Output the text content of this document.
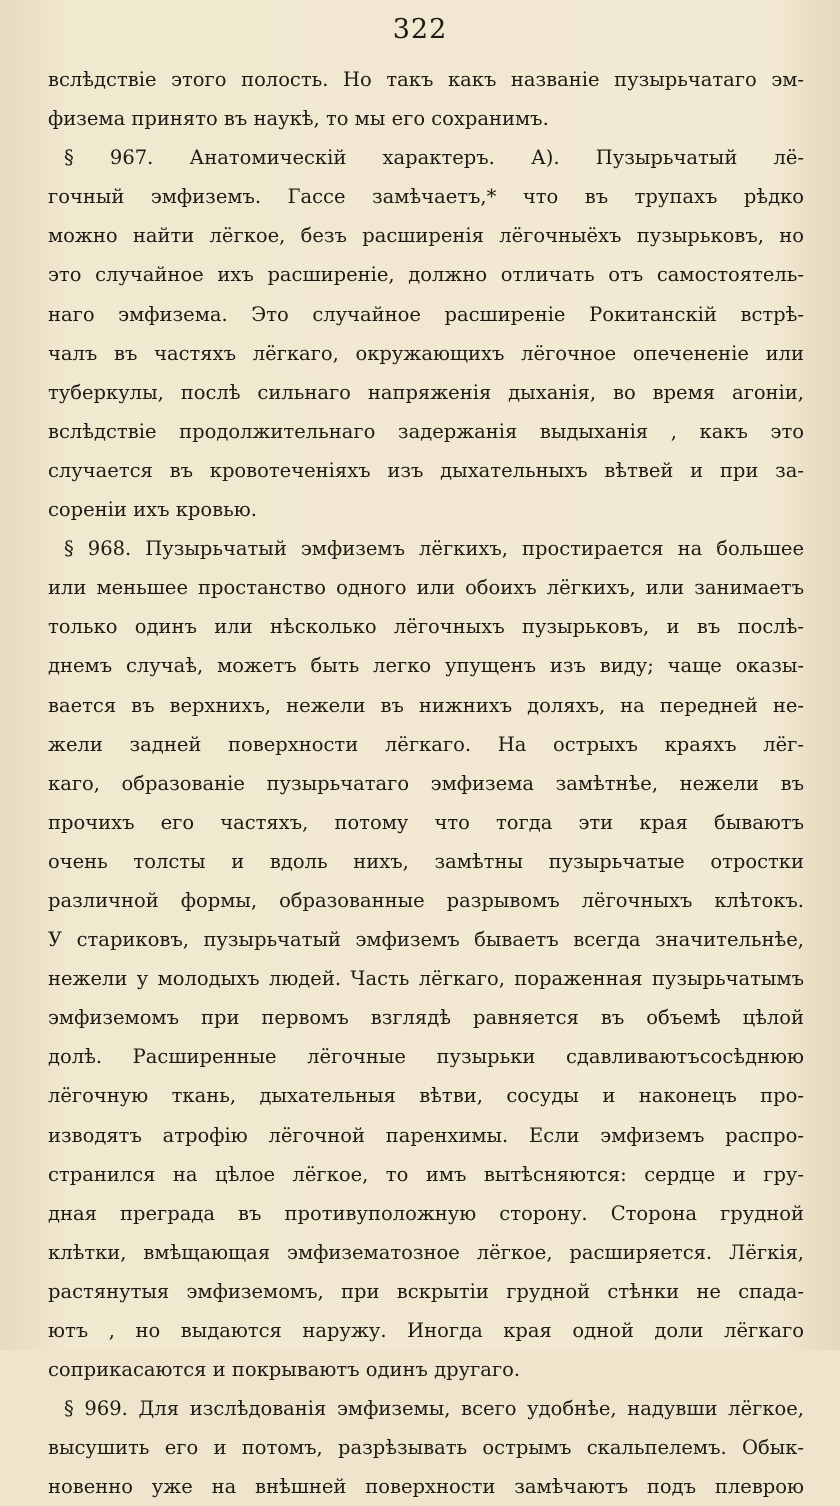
322
вслѣдствіе этого полость. Но такъ какъ названіе пузырьчатаго эм-
физема принято въ наукѣ, то мы его сохранимъ.
§ 967. Анатомическій характеръ. А). Пузырьчатый лё-
гочный эмфиземъ. Гассе замѣчаетъ,* что въ трупахъ рѣдко
можно найти лёгкое, безъ расширенія лёгочныёхъ пузырьковъ, но
это случайное ихъ расширеніе, должно отличать отъ самостоятель-
наго эмфизема. Это случайное расширеніе Рокитанскій встрѣ-
чалъ въ частяхъ лёгкаго, окружающихъ лёгочное опечененіе или
туберкулы, послѣ сильнаго напряженія дыханія, во время агоніи,
вслѣдствіе продолжительнаго задержанія выдыханія , какъ это
случается въ кровотеченіяхъ изъ дыхательныхъ вѣтвей и при за-
сореніи ихъ кровью.
§ 968. Пузырьчатый эмфиземъ лёгкихъ, простирается на большее
или меньшее простанство одного или обоихъ лёгкихъ, или занимаетъ
только одинъ или нѣсколько лёгочныхъ пузырьковъ, и въ послѣ-
днемъ случаѣ, можетъ быть легко упущенъ изъ виду; чаще оказы-
вается въ верхнихъ, нежели въ нижнихъ доляхъ, на передней не-
жели задней поверхности лёгкаго. На острыхъ краяхъ лёг-
каго, образованіе пузырьчатаго эмфизема замѣтнѣе, нежели въ
прочихъ его частяхъ, потому что тогда эти края бываютъ
очень толсты и вдоль нихъ, замѣтны пузырьчатые отростки
различной формы, образованные разрывомъ лёгочныхъ клѣтокъ.
У стариковъ, пузырьчатый эмфиземъ бываетъ всегда значительнѣе,
нежели у молодыхъ людей. Часть лёгкаго, пораженная пузырьчатымъ
эмфиземомъ при первомъ взглядѣ равняется въ объемѣ цѣлой
долѣ. Расширенные лёгочные пузырьки сдавливаютъсосѣднюю
лёгочную ткань, дыхательныя вѣтви, сосуды и наконецъ про-
изводятъ атрофію лёгочной паренхимы. Если эмфиземъ распро-
странился на цѣлое лёгкое, то имъ вытѣсняются: сердце и гру-
дная преграда въ противуположную сторону. Сторона грудной
клѣтки, вмѣщающая эмфизематозное лёгкое, расширяется. Лёгкія,
растянутыя эмфиземомъ, при вскрытіи грудной стѣнки не спада-
ютъ , но выдаются наружу. Иногда края одной доли лёгкаго
соприкасаются и покрываютъ одинъ другаго.
§ 969. Для изслѣдованія эмфиземы, всего удобнѣе, надувши лёгкое,
высушить его и потомъ, разрѣзывать острымъ скальпелемъ. Обык-
новенно уже на внѣшней поверхности замѣчаютъ подъ плеврою
